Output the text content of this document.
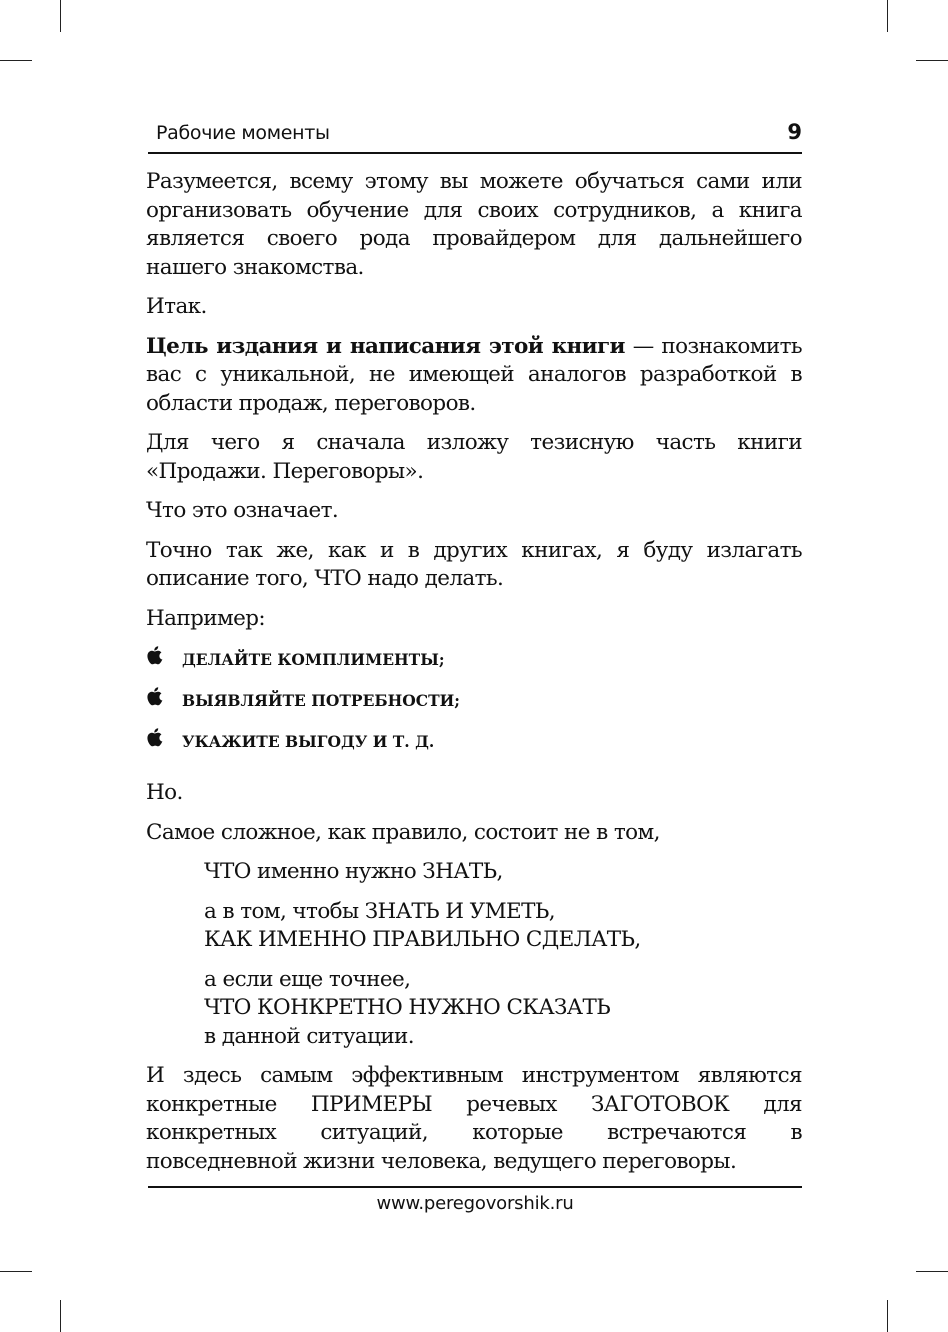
Рабочие моменты	9

Разумеется, всему этому вы можете обучаться сами или организовать обучение для своих сотрудников, а книга является своего рода провайдером для дальнейшего нашего знакомства.

Итак.

Цель издания и написания этой книги — познакомить вас с уникальной, не имеющей аналогов разработкой в области продаж, переговоров.

Для чего я сначала изложу тезисную часть книги «Продажи. Переговоры».

Что это означает.

Точно так же, как и в других книгах, я буду излагать описание того, ЧТО надо делать.

Например:

ДЕЛАЙТЕ КОМПЛИМЕНТЫ;
ВЫЯВЛЯЙТЕ ПОТРЕБНОСТИ;
УКАЖИТЕ ВЫГОДУ И Т. Д.

Но.

Самое сложное, как правило, состоит не в том,

ЧТО именно нужно ЗНАТЬ,
а в том, чтобы ЗНАТЬ И УМЕТЬ,
КАК ИМЕННО ПРАВИЛЬНО СДЕЛАТЬ,
а если еще точнее,
ЧТО КОНКРЕТНО НУЖНО СКАЗАТЬ
в данной ситуации.

И здесь самым эффективным инструментом являются конкретные ПРИМЕРЫ речевых ЗАГОТОВОК для конкретных ситуаций, которые встречаются в повседневной жизни человека, ведущего переговоры.

www.peregovorshik.ru
